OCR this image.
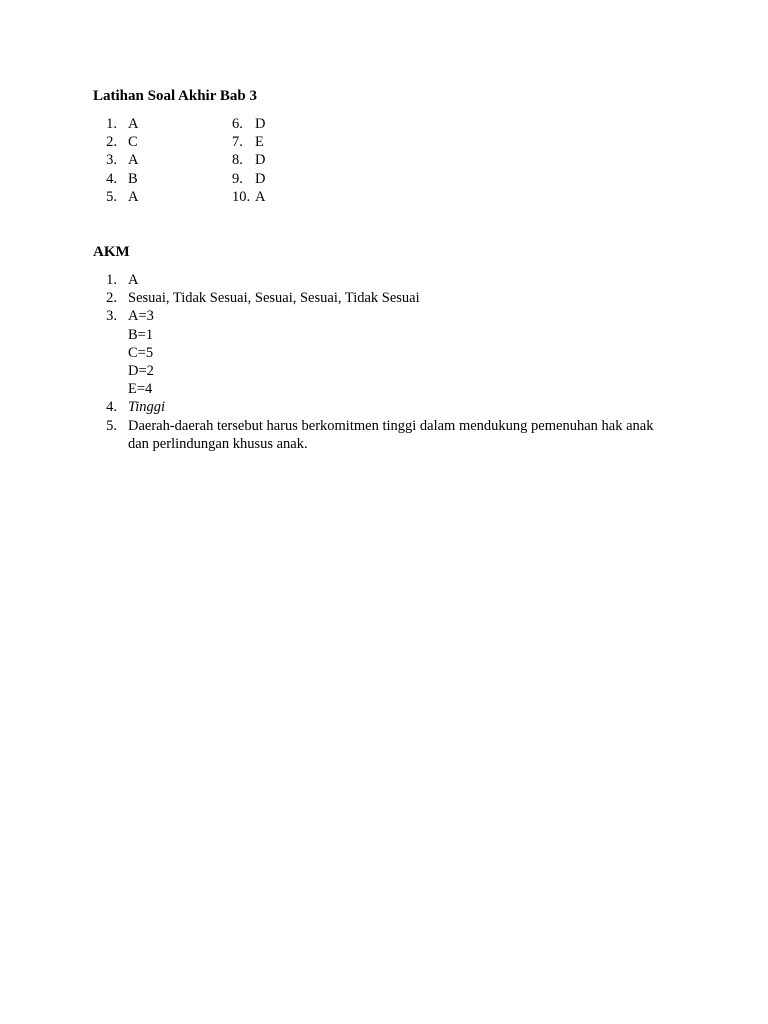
Latihan Soal Akhir Bab 3
1. A
2. C
3. A
4. B
5. A
6. D
7. E
8. D
9. D
10. A
AKM
1. A
2. Sesuai, Tidak Sesuai, Sesuai, Sesuai, Tidak Sesuai
3. A=3
B=1
C=5
D=2
E=4
4. Tinggi
5. Daerah-daerah tersebut harus berkomitmen tinggi dalam mendukung pemenuhan hak anak dan perlindungan khusus anak.
